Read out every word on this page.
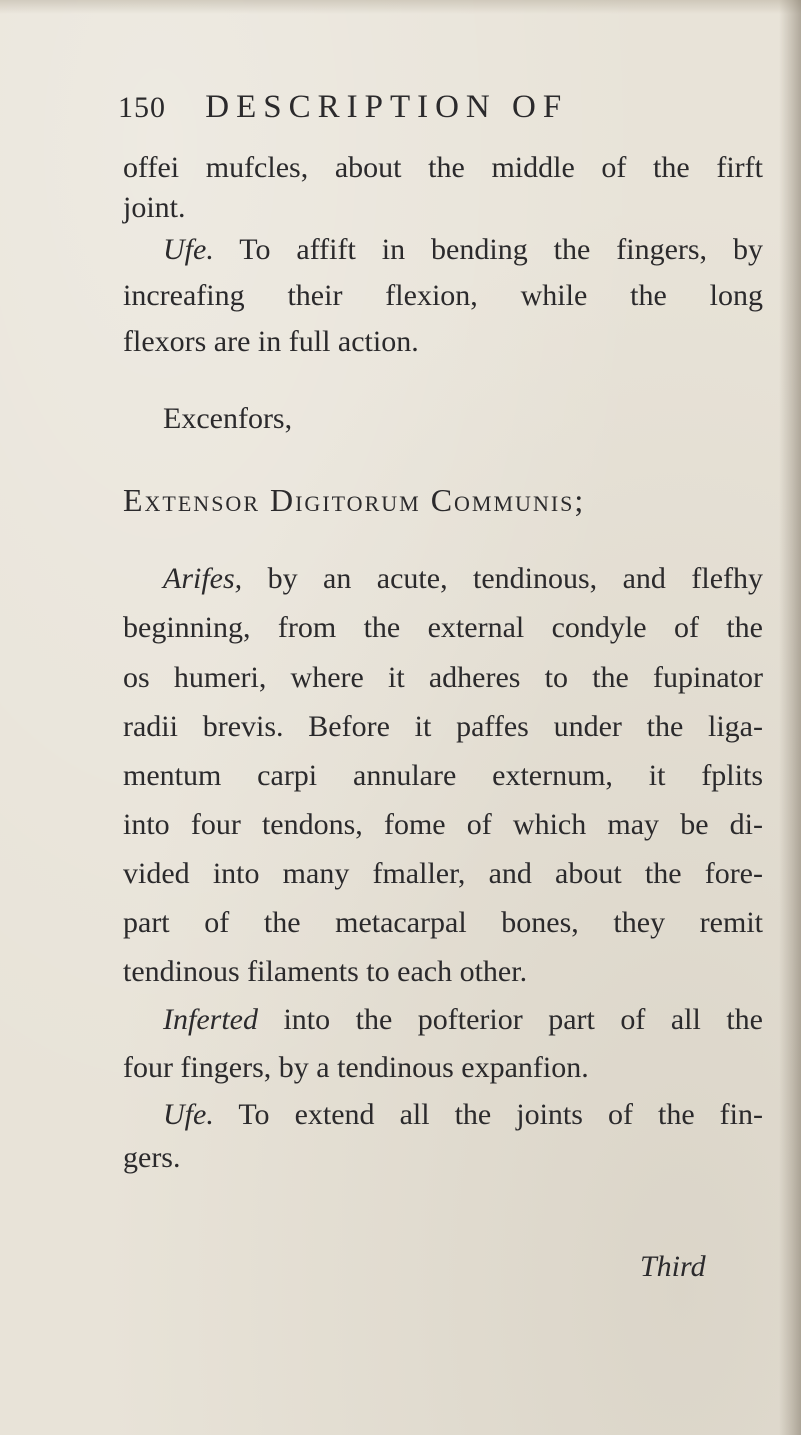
150 DESCRIPTION OF
offei mufcles, about the middle of the firft
joint.
Ufe. To affift in bending the fingers, by
increafing their flexion, while the long
flexors are in full action.
Excenfors,
Extensor Digitorum Communis;
Arifes, by an acute, tendinous, and flefhy
beginning, from the external condyle of the
os humeri, where it adheres to the fupinator
radii brevis. Before it paffes under the liga-
mentum carpi annulare externum, it fplits
into four tendons, fome of which may be di-
vided into many fmaller, and about the fore-
part of the metacarpal bones, they remit
tendinous filaments to each other.
Inferted into the pofterior part of all the
four fingers, by a tendinous expanfion.
Ufe. To extend all the joints of the fin-
gers.
Third
